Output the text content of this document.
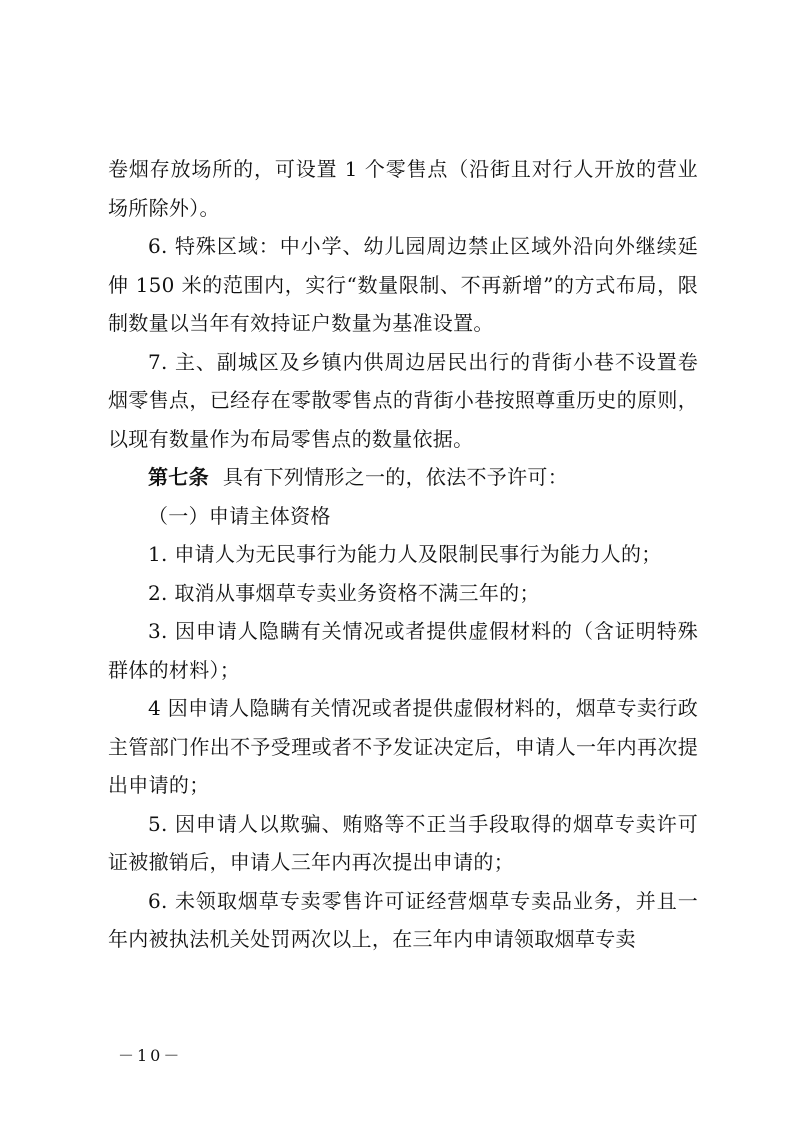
卷烟存放场所的，可设置 1 个零售点（沿街且对行人开放的营业场所除外）。

6. 特殊区域：中小学、幼儿园周边禁止区域外沿向外继续延伸 150 米的范围内，实行“数量限制、不再新增”的方式布局，限制数量以当年有效持证户数量为基准设置。

7. 主、副城区及乡镇内供周边居民出行的背街小巷不设置卷烟零售点，已经存在零散零售点的背街小巷按照尊重历史的原则，以现有数量作为布局零售点的数量依据。

第七条 具有下列情形之一的，依法不予许可：

（一）申请主体资格

1. 申请人为无民事行为能力人及限制民事行为能力人的；

2. 取消从事烟草专卖业务资格不满三年的；

3. 因申请人隐瞒有关情况或者提供虚假材料的（含证明特殊群体的材料）；

4 因申请人隐瞒有关情况或者提供虚假材料的，烟草专卖行政主管部门作出不予受理或者不予发证决定后，申请人一年内再次提出申请的；

5. 因申请人以欺骗、贿赂等不正当手段取得的烟草专卖许可证被撤销后，申请人三年内再次提出申请的；

6. 未领取烟草专卖零售许可证经营烟草专卖品业务，并且一年内被执法机关处罚两次以上，在三年内申请领取烟草专卖

－10－
